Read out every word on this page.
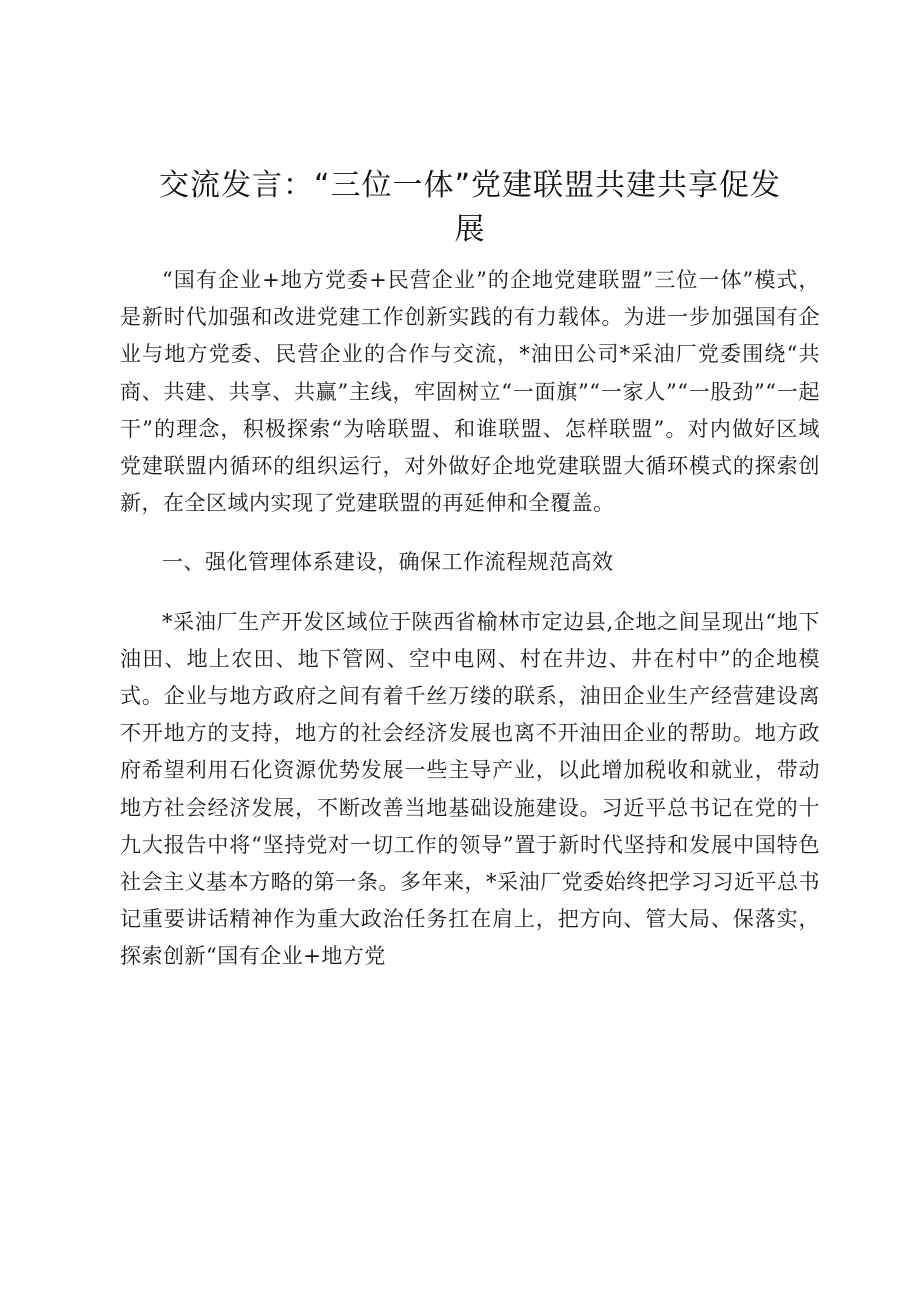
交流发言：“三位一体”党建联盟共建共享促发
展

“国有企业+地方党委+民营企业”的企地党建联盟”三位一体”模式，是新时代加强和改进党建工作创新实践的有力载体。为进一步加强国有企业与地方党委、民营企业的合作与交流，*油田公司*采油厂党委围绕“共商、共建、共享、共赢”主线，牢固树立“一面旗”“一家人”“一股劲”“一起干”的理念，积极探索“为啥联盟、和谁联盟、怎样联盟”。对内做好区域党建联盟内循环的组织运行，对外做好企地党建联盟大循环模式的探索创新，在全区域内实现了党建联盟的再延伸和全覆盖。

一、强化管理体系建设，确保工作流程规范高效

*采油厂生产开发区域位于陕西省榆林市定边县,企地之间呈现出“地下油田、地上农田、地下管网、空中电网、村在井边、井在村中”的企地模式。企业与地方政府之间有着千丝万缕的联系，油田企业生产经营建设离不开地方的支持，地方的社会经济发展也离不开油田企业的帮助。地方政府希望利用石化资源优势发展一些主导产业，以此增加税收和就业，带动地方社会经济发展，不断改善当地基础设施建设。习近平总书记在党的十九大报告中将“坚持党对一切工作的领导”置于新时代坚持和发展中国特色社会主义基本方略的第一条。多年来，*采油厂党委始终把学习习近平总书记重要讲话精神作为重大政治任务扛在肩上，把方向、管大局、保落实，探索创新“国有企业+地方党
